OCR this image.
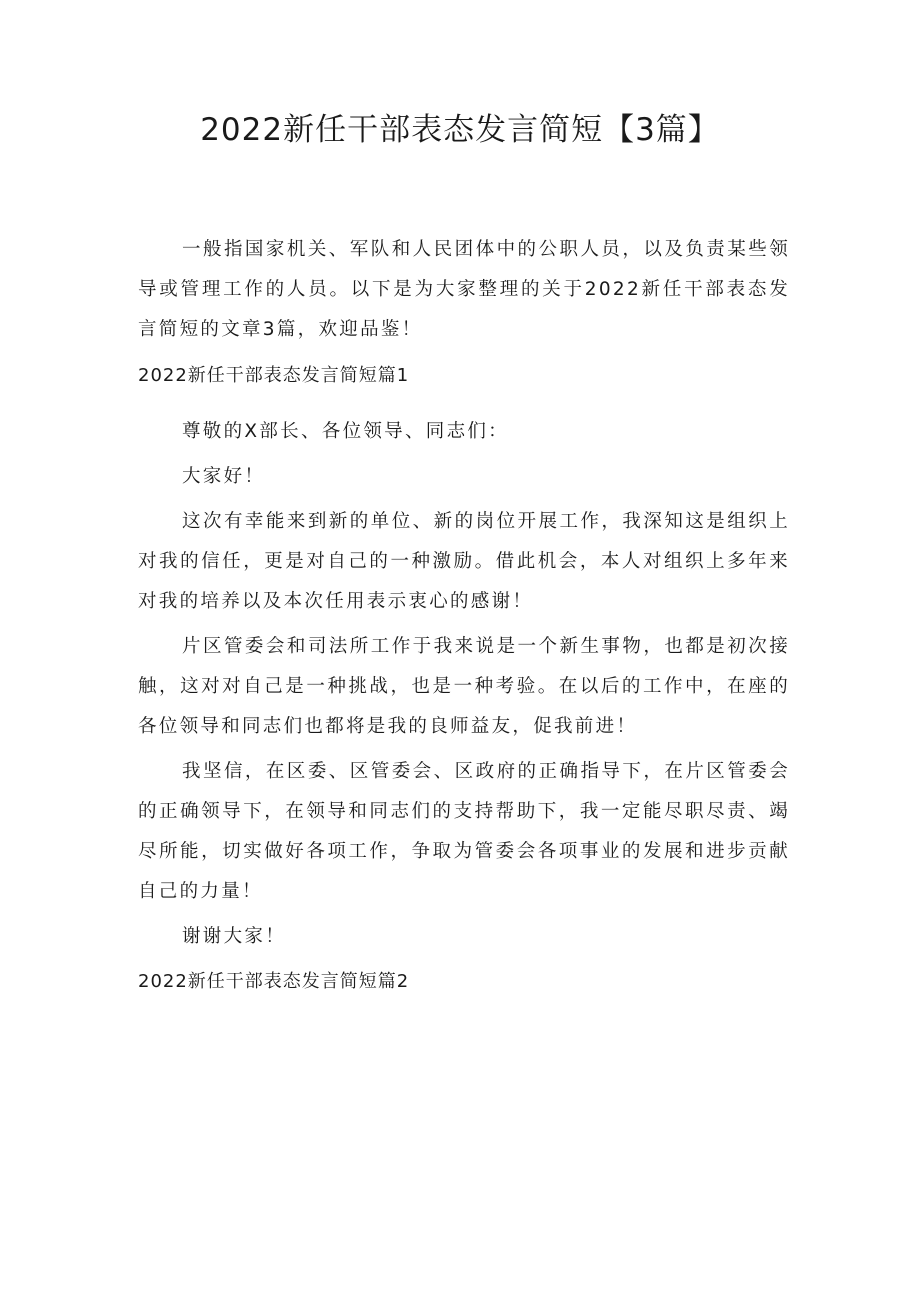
2022新任干部表态发言简短【3篇】

一般指国家机关、军队和人民团体中的公职人员，以及负责某些领导或管理工作的人员。以下是为大家整理的关于2022新任干部表态发言简短的文章3篇，欢迎品鉴！

2022新任干部表态发言简短篇1

尊敬的X部长、各位领导、同志们：

大家好！

这次有幸能来到新的单位、新的岗位开展工作，我深知这是组织上对我的信任，更是对自己的一种激励。借此机会，本人对组织上多年来对我的培养以及本次任用表示衷心的感谢！

片区管委会和司法所工作于我来说是一个新生事物，也都是初次接触，这对对自己是一种挑战，也是一种考验。在以后的工作中，在座的各位领导和同志们也都将是我的良师益友，促我前进！

我坚信，在区委、区管委会、区政府的正确指导下，在片区管委会的正确领导下，在领导和同志们的支持帮助下，我一定能尽职尽责、竭尽所能，切实做好各项工作，争取为管委会各项事业的发展和进步贡献自己的力量！

谢谢大家！

2022新任干部表态发言简短篇2
